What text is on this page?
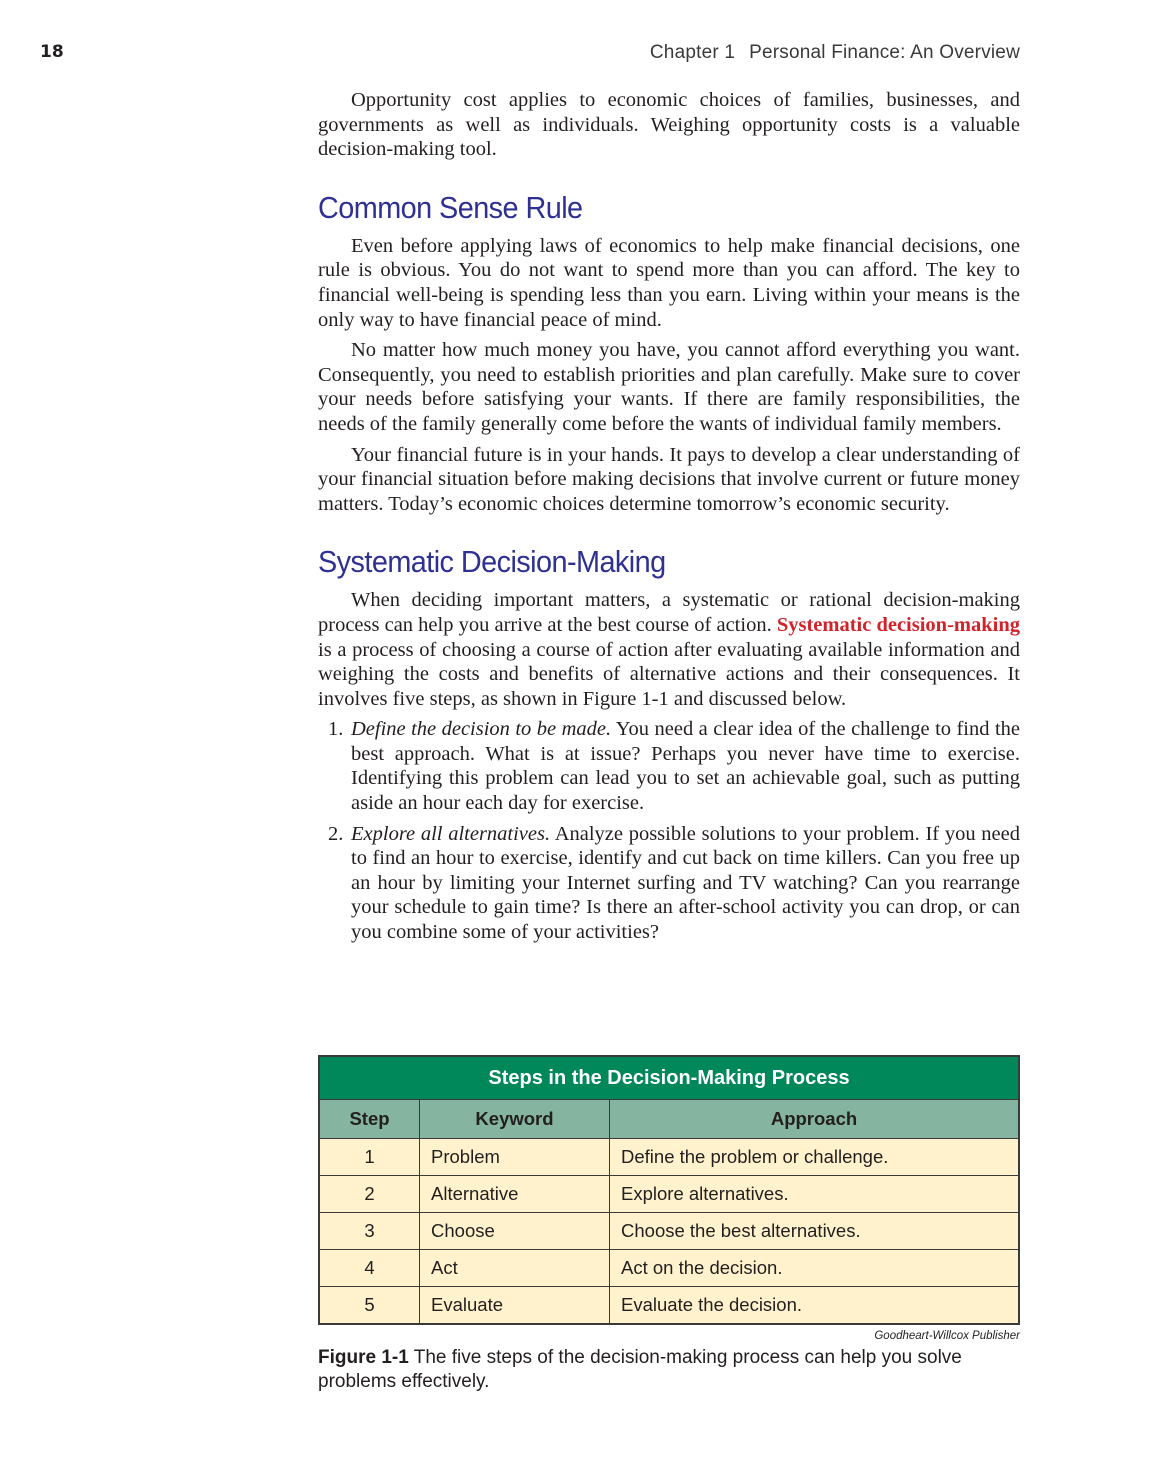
18	Chapter 1 Personal Finance: An Overview

Opportunity cost applies to economic choices of families, businesses, and governments as well as individuals. Weighing opportunity costs is a valuable decision-making tool.

Common Sense Rule

Even before applying laws of economics to help make financial decisions, one rule is obvious. You do not want to spend more than you can afford. The key to financial well-being is spending less than you earn. Living within your means is the only way to have financial peace of mind.

No matter how much money you have, you cannot afford everything you want. Consequently, you need to establish priorities and plan carefully. Make sure to cover your needs before satisfying your wants. If there are family responsibilities, the needs of the family generally come before the wants of individual family members.

Your financial future is in your hands. It pays to develop a clear understanding of your financial situation before making decisions that involve current or future money matters. Today’s economic choices determine tomorrow’s economic security.

Systematic Decision-Making

When deciding important matters, a systematic or rational decision-making process can help you arrive at the best course of action. Systematic decision-making is a process of choosing a course of action after evaluating available information and weighing the costs and benefits of alternative actions and their consequences. It involves five steps, as shown in Figure 1-1 and discussed below.

1. Define the decision to be made. You need a clear idea of the challenge to find the best approach. What is at issue? Perhaps you never have time to exercise. Identifying this problem can lead you to set an achievable goal, such as putting aside an hour each day for exercise.
2. Explore all alternatives. Analyze possible solutions to your problem. If you need to find an hour to exercise, identify and cut back on time killers. Can you free up an hour by limiting your Internet surfing and TV watching? Can you rearrange your schedule to gain time? Is there an after-school activity you can drop, or can you combine some of your activities?
Steps in the Decision-Making Process		
Step	Keyword	Approach
1	Problem	Define the problem or challenge.
2	Alternative	Explore alternatives.
3	Choose	Choose the best alternatives.
4	Act	Act on the decision.
5	Evaluate	Evaluate the decision.
Goodheart-Willcox Publisher
Figure 1-1 The five steps of the decision-making process can help you solve problems effectively.
